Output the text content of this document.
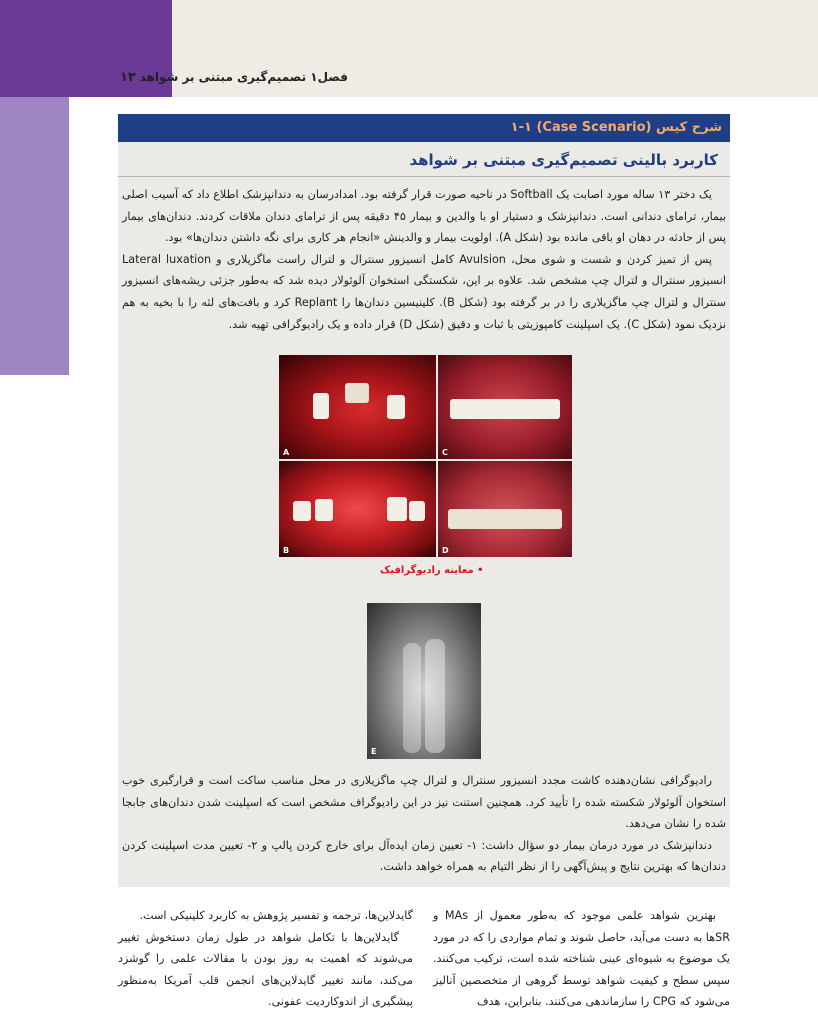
۱۳ فصل۱ تصمیم‌گیری مبتنی بر شواهد
شرح کیس (Case Scenario) ۱-۱
کاربرد بالینی تصمیم‌گیری مبتنی بر شواهد

یک دختر ۱۳ ساله مورد اصابت یک Softball در ناحیه صورت قرار گرفته بود. امدادرسان به دندانپزشک اطلاع داد که آسیب اصلی بیمار، ترامای دندانی است. دندانپزشک و دستیار او با والدین و بیمار ۴۵ دقیقه پس از ترامای دندان ملاقات کردند. دندان‌های بیمار پس از حادثه در دهان او باقی مانده بود (شکل A). اولویت بیمار و والدینش «انجام هر کاری برای نگه داشتن دندان‌ها» بود.

پس از تمیز کردن و شست و شوی محل، Avulsion کامل انسیزور سنترال و لترال راست ماگزیلاری و Lateral luxation انسیزور سنترال و لترال چپ مشخص شد. علاوه بر این، شکستگی استخوان آلوئولار دیده شد که به‌طور جزئی ریشه‌های انسیزور سنترال و لترال چپ ماگزیلاری را در بر گرفته بود (شکل B). کلینیسین دندان‌ها را Replant کرد و بافت‌های لثه را با بخیه به هم نزدیک نمود (شکل C). یک اسپلینت کامپوزیتی با ثبات و دقیق (شکل D) قرار داده و یک رادیوگرافی تهیه شد.

A
B
C
D
• معاینه رادیوگرافیک
E

رادیوگرافی نشان‌دهنده کاشت مجدد انسیزور سنترال و لترال چپ ماگزیلاری در محل مناسب ساکت است و قرارگیری خوب استخوان آلوئولار شکسته شده را تأیید کرد. همچنین استنت نیز در این رادیوگراف مشخص است که اسپلینت شدن دندان‌های جابجا شده را نشان می‌دهد.

دندانپزشک در مورد درمان بیمار دو سؤال داشت: ۱- تعیین زمان ایده‌آل برای خارج کردن پالپ و ۲- تعیین مدت اسپلینت کردن دندان‌ها که بهترین نتایج و پیش‌آگهی را از نظر التیام به همراه خواهد داشت.

بهترین شواهد علمی موجود که به‌طور معمول از MAs و SRها به دست می‌آید، حاصل شوند و تمام مواردی را که در مورد یک موضوع به شیوه‌ای عینی شناخته شده است، ترکیب می‌کنند. سپس سطح و کیفیت شواهد توسط گروهی از متخصصین آنالیز می‌شود که CPG را سازماندهی می‌کنند. بنابراین، هدف

گایدلاین‌ها، ترجمه و تفسیر پژوهش به کاربرد کلینیکی است.

گایدلاین‌ها با تکامل شواهد در طول زمان دستخوش تغییر می‌شوند که اهمیت به روز بودن با مقالات علمی را گوشزد می‌کند، مانند تغییر گایدلاین‌های انجمن قلب آمریکا به‌منظور پیشگیری از اندوکاردیت عفونی.
